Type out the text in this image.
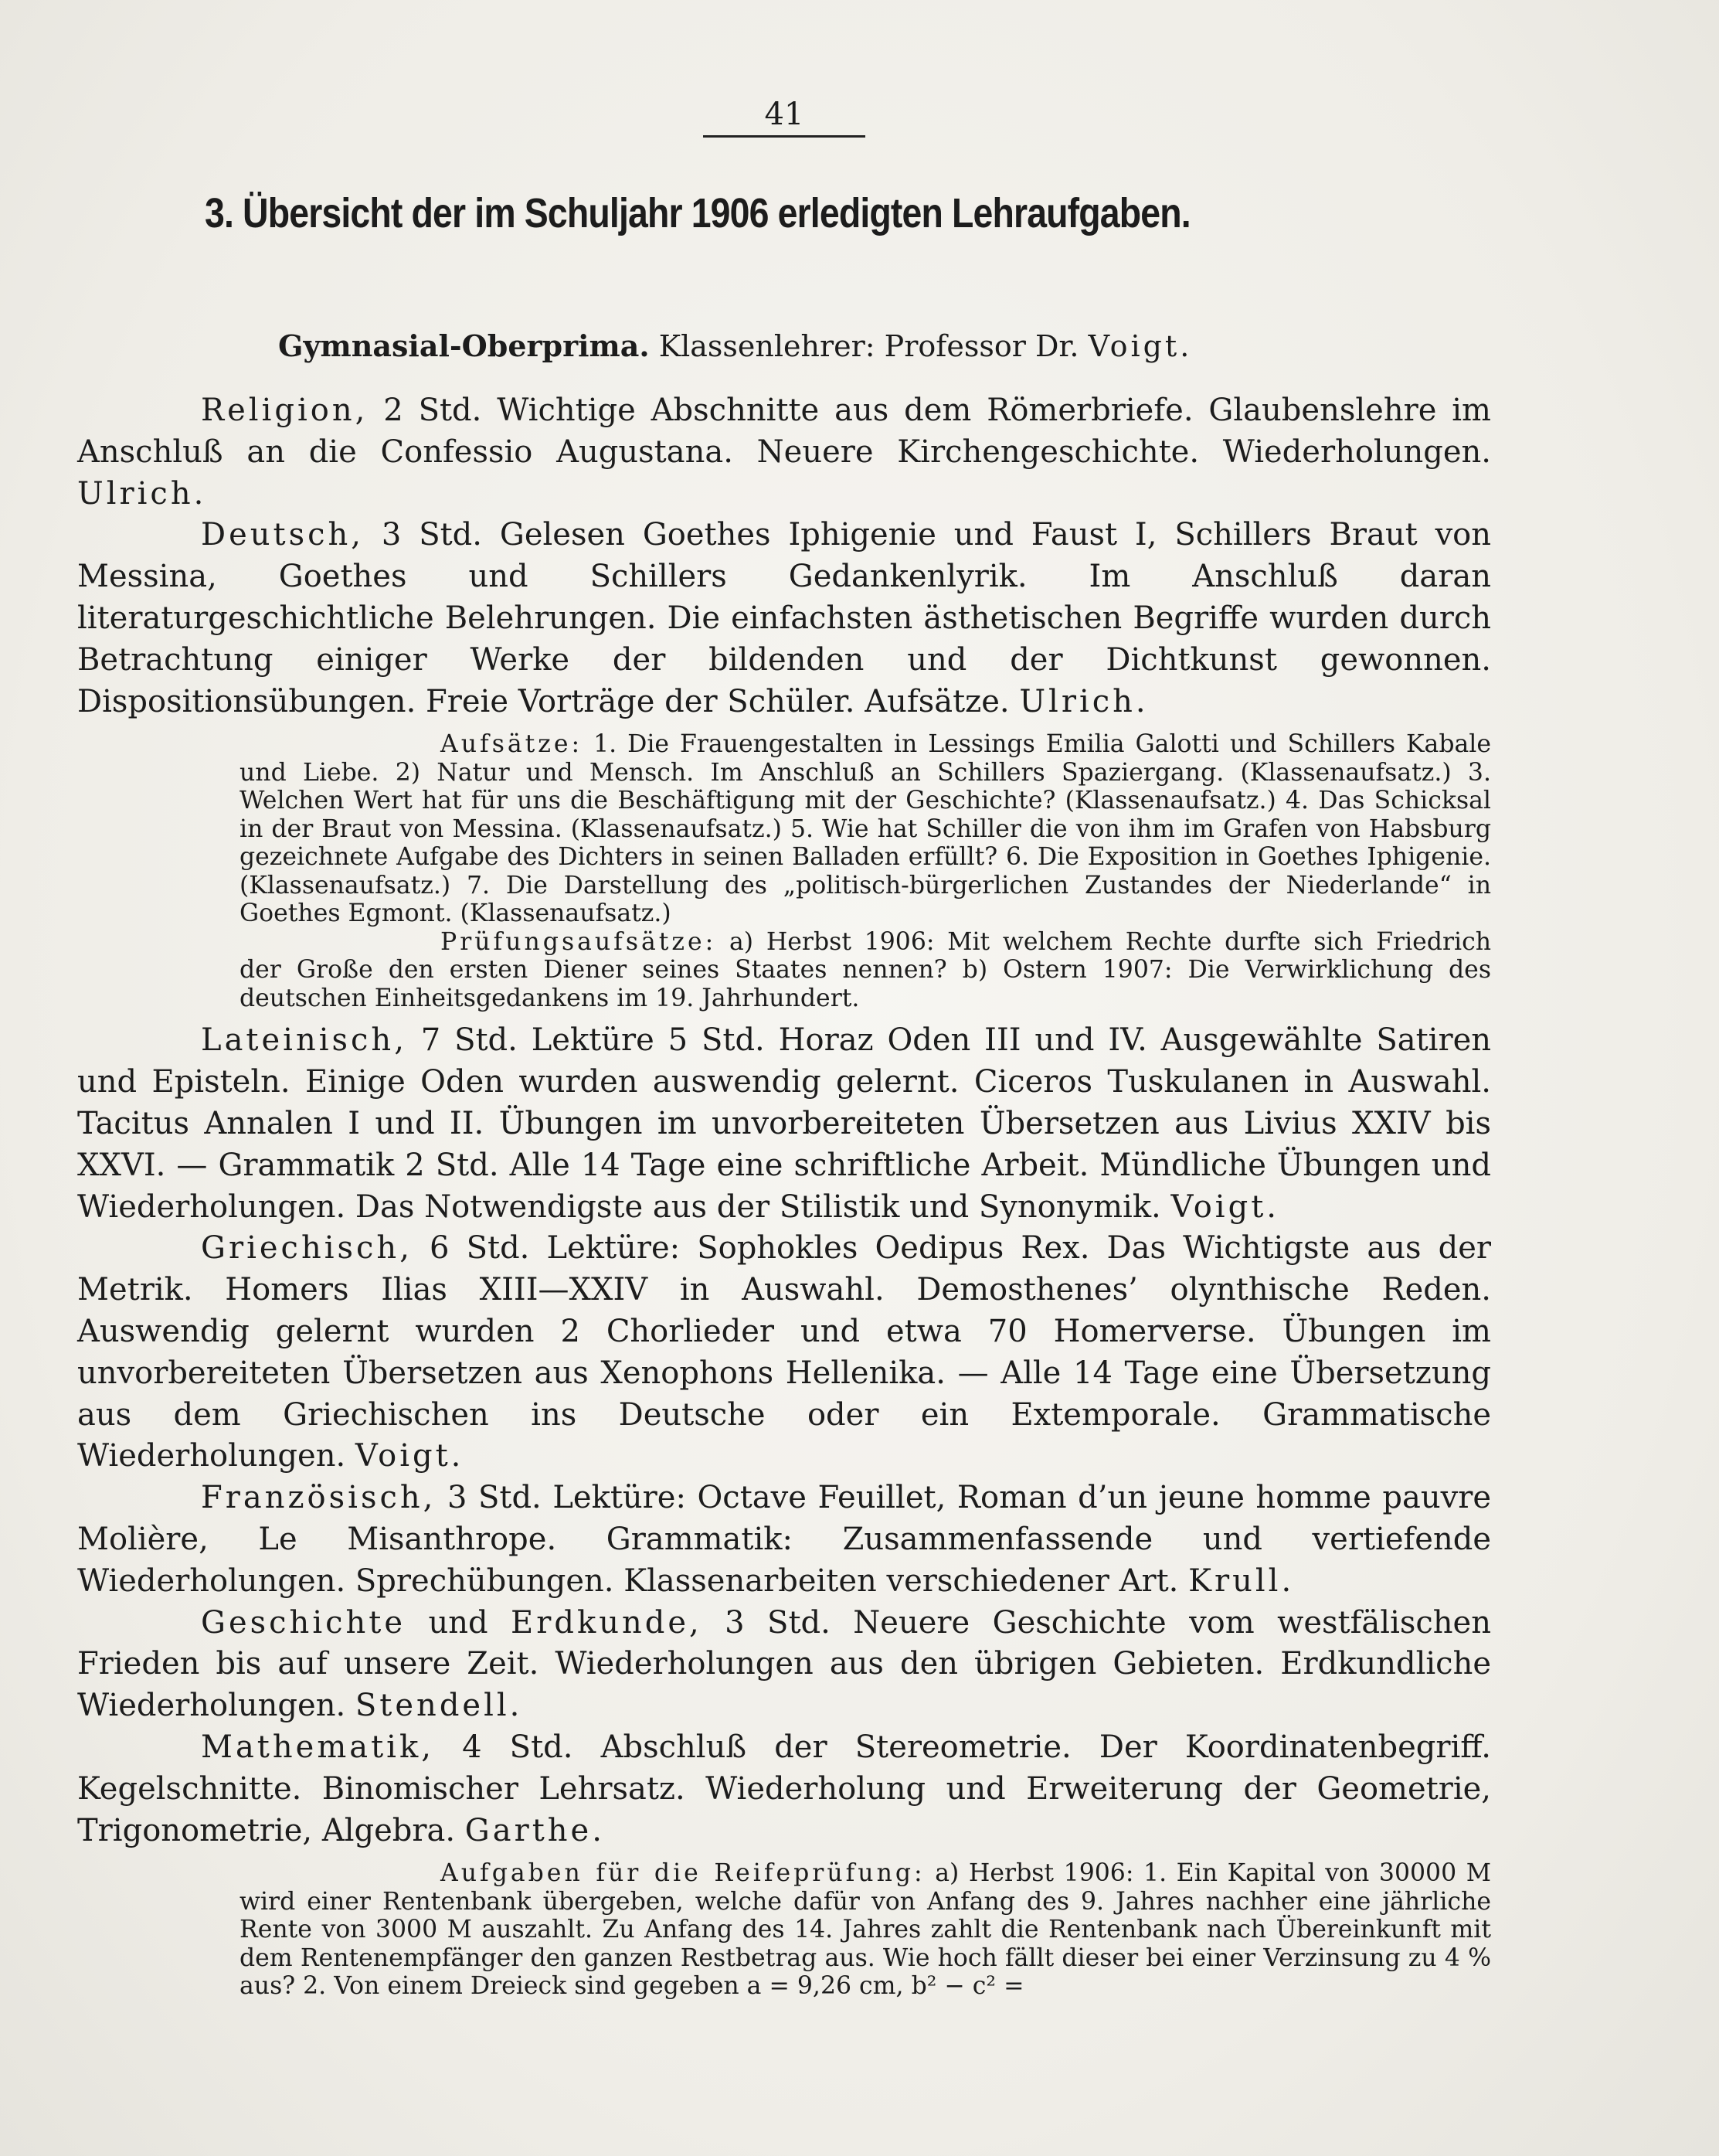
41
3. Übersicht der im Schuljahr 1906 erledigten Lehraufgaben.
Gymnasial-Oberprima. Klassenlehrer: Professor Dr. Voigt.

Religion, 2 Std. Wichtige Abschnitte aus dem Römerbriefe. Glaubenslehre im Anschluß an die Confessio Augustana. Neuere Kirchengeschichte. Wiederholungen. Ulrich.

Deutsch, 3 Std. Gelesen Goethes Iphigenie und Faust I, Schillers Braut von Messina, Goethes und Schillers Gedankenlyrik. Im Anschluß daran literaturgeschichtliche Belehrungen. Die einfachsten ästhetischen Begriffe wurden durch Betrachtung einiger Werke der bildenden und der Dichtkunst gewonnen. Dispositionsübungen. Freie Vorträge der Schüler. Aufsätze. Ulrich.

Aufsätze: 1. Die Frauengestalten in Lessings Emilia Galotti und Schillers Kabale und Liebe. 2) Natur und Mensch. Im Anschluß an Schillers Spaziergang. (Klassenaufsatz.) 3. Welchen Wert hat für uns die Beschäftigung mit der Geschichte? (Klassenaufsatz.) 4. Das Schicksal in der Braut von Messina. (Klassenaufsatz.) 5. Wie hat Schiller die von ihm im Grafen von Habsburg gezeichnete Aufgabe des Dichters in seinen Balladen erfüllt? 6. Die Exposition in Goethes Iphigenie. (Klassenaufsatz.) 7. Die Darstellung des „politisch-bürgerlichen Zustandes der Niederlande“ in Goethes Egmont. (Klassenaufsatz.)

Prüfungsaufsätze: a) Herbst 1906: Mit welchem Rechte durfte sich Friedrich der Große den ersten Diener seines Staates nennen? b) Ostern 1907: Die Verwirklichung des deutschen Einheitsgedankens im 19. Jahrhundert.

Lateinisch, 7 Std. Lektüre 5 Std. Horaz Oden III und IV. Ausgewählte Satiren und Episteln. Einige Oden wurden auswendig gelernt. Ciceros Tuskulanen in Auswahl. Tacitus Annalen I und II. Übungen im unvorbereiteten Übersetzen aus Livius XXIV bis XXVI. — Grammatik 2 Std. Alle 14 Tage eine schriftliche Arbeit. Mündliche Übungen und Wiederholungen. Das Notwendigste aus der Stilistik und Synonymik. Voigt.

Griechisch, 6 Std. Lektüre: Sophokles Oedipus Rex. Das Wichtigste aus der Metrik. Homers Ilias XIII—XXIV in Auswahl. Demosthenes’ olynthische Reden. Auswendig gelernt wurden 2 Chorlieder und etwa 70 Homerverse. Übungen im unvorbereiteten Übersetzen aus Xenophons Hellenika. — Alle 14 Tage eine Übersetzung aus dem Griechischen ins Deutsche oder ein Extemporale. Grammatische Wiederholungen. Voigt.

Französisch, 3 Std. Lektüre: Octave Feuillet, Roman d’un jeune homme pauvre Molière, Le Misanthrope. Grammatik: Zusammenfassende und vertiefende Wiederholungen. Sprechübungen. Klassenarbeiten verschiedener Art. Krull.

Geschichte und Erdkunde, 3 Std. Neuere Geschichte vom westfälischen Frieden bis auf unsere Zeit. Wiederholungen aus den übrigen Gebieten. Erdkundliche Wiederholungen. Stendell.

Mathematik, 4 Std. Abschluß der Stereometrie. Der Koordinatenbegriff. Kegelschnitte. Binomischer Lehrsatz. Wiederholung und Erweiterung der Geometrie, Trigonometrie, Algebra. Garthe.

Aufgaben für die Reifeprüfung: a) Herbst 1906: 1. Ein Kapital von 30000 M wird einer Rentenbank übergeben, welche dafür von Anfang des 9. Jahres nachher eine jährliche Rente von 3000 M auszahlt. Zu Anfang des 14. Jahres zahlt die Rentenbank nach Übereinkunft mit dem Rentenempfänger den ganzen Restbetrag aus. Wie hoch fällt dieser bei einer Verzinsung zu 4 % aus? 2. Von einem Dreieck sind gegeben a = 9,26 cm, b² − c² =
